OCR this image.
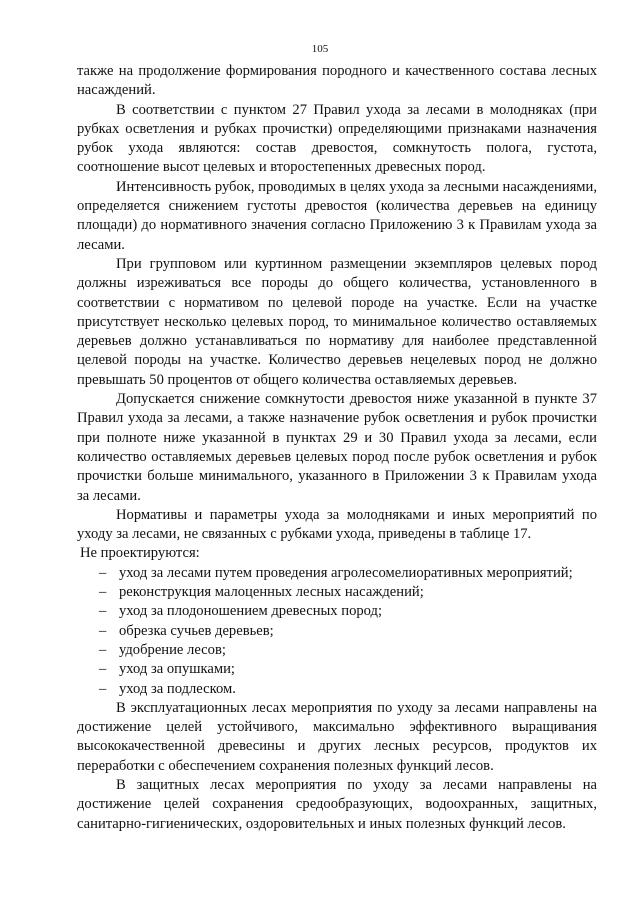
105

также на продолжение формирования породного и качественного состава лесных насаждений.

В соответствии с пунктом 27 Правил ухода за лесами в молодняках (при рубках осветления и рубках прочистки) определяющими признаками назначения рубок ухода являются: состав древостоя, сомкнутость полога, густота, соотношение высот целевых и второстепенных древесных пород.

Интенсивность рубок, проводимых в целях ухода за лесными насаждениями, определяется снижением густоты древостоя (количества деревьев на единицу площади) до нормативного значения согласно Приложению 3 к Правилам ухода за лесами.

При групповом или куртинном размещении экземпляров целевых пород должны изреживаться все породы до общего количества, установленного в соответствии с нормативом по целевой породе на участке. Если на участке присутствует несколько целевых пород, то минимальное количество оставляемых деревьев должно устанавливаться по нормативу для наиболее представленной целевой породы на участке. Количество деревьев нецелевых пород не должно превышать 50 процентов от общего количества оставляемых деревьев.

Допускается снижение сомкнутости древостоя ниже указанной в пункте 37 Правил ухода за лесами, а также назначение рубок осветления и рубок прочистки при полноте ниже указанной в пунктах 29 и 30 Правил ухода за лесами, если количество оставляемых деревьев целевых пород после рубок осветления и рубок прочистки больше минимального, указанного в Приложении 3 к Правилам ухода за лесами.

Нормативы и параметры ухода за молодняками и иных мероприятий по уходу за лесами, не связанных с рубками ухода, приведены в таблице 17.

Не проектируются:

– уход за лесами путем проведения агролесомелиоративных мероприятий;
– реконструкция малоценных лесных насаждений;
– уход за плодоношением древесных пород;
– обрезка сучьев деревьев;
– удобрение лесов;
– уход за опушками;
– уход за подлеском.

В эксплуатационных лесах мероприятия по уходу за лесами направлены на достижение целей устойчивого, максимально эффективного выращивания высококачественной древесины и других лесных ресурсов, продуктов их переработки с обеспечением сохранения полезных функций лесов.

В защитных лесах мероприятия по уходу за лесами направлены на достижение целей сохранения средообразующих, водоохранных, защитных, санитарно-гигиенических, оздоровительных и иных полезных функций лесов.
